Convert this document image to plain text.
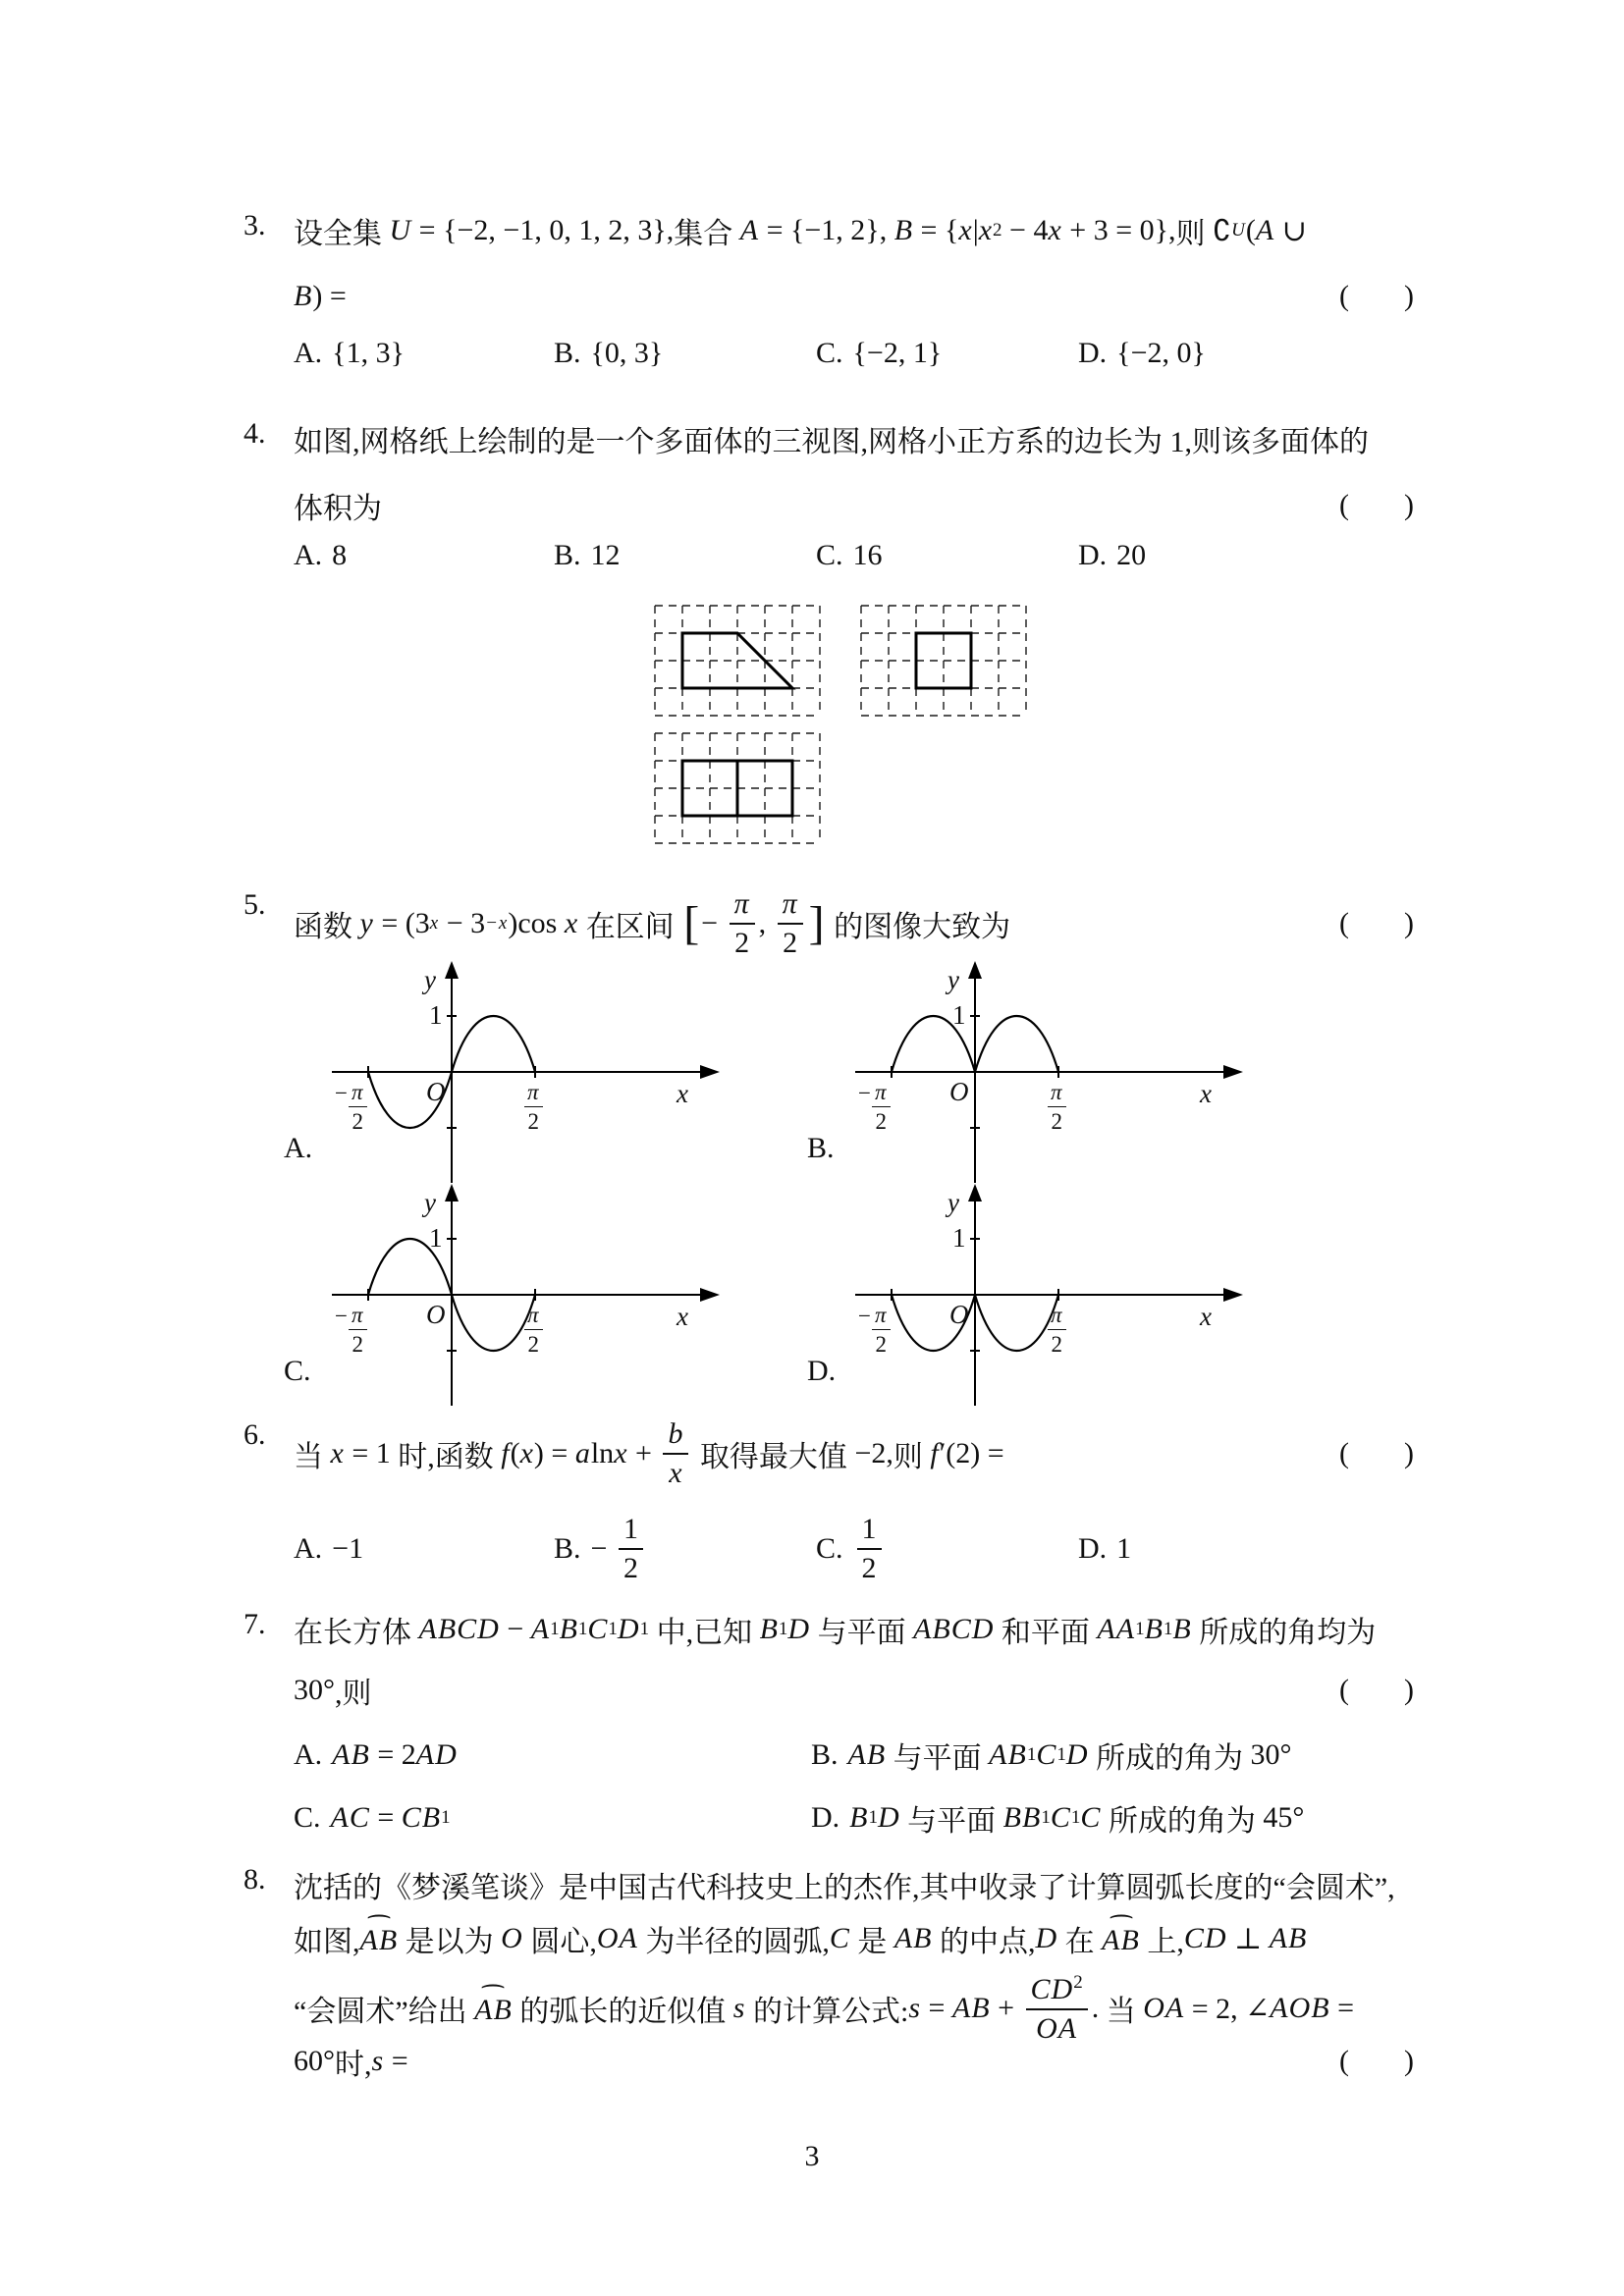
3. 设全集 U = {−2, −1, 0, 1, 2, 3}, 集合 A = {−1, 2}, B = { x | x 2 − 4 x + 3 = 0}, 则 ∁ U ( A ∪
B ) =	( )
A. {1, 3}	B. {0, 3}	C. {−2, 1}	D. {−2, 0}
4. 如图,网格纸上绘制的是一个多面体的三视图,网格小正方系的边长为 1,则该多面体的
体积为	( )
A. 8	B. 12	C. 16	D. 20
5.
函数 y = (3 x − 3 −x )cos x 在区间 [ − $\frac{\pi}{2}$ , $\frac{\pi}{2}$ ] 的图像大致为	( )
y
1
O	x
− $\frac{\pi}{2}$	$\frac{\pi}{2}$
A.
y
1
O	x
− $\frac{\pi}{2}$	$\frac{\pi}{2}$
B.
y
1
O	x
− $\frac{\pi}{2}$	$\frac{\pi}{2}$
C.
y
1
O	x
− $\frac{\pi}{2}$	$\frac{\pi}{2}$
D.
6.
当 x = 1 时,函数 f ( x ) = a $\ln x + \frac{b}{x}$ 取得最大值 −2, 则 f ′(2) =	( )
A. −1	B. − $\frac{1}{2}$	C. $\frac{1}{2}$	D. 1
7. 在长方体 ABCD − A 1 B 1 C 1 D 1 中,已知 B 1 D 与平面 ABCD 和平面 AA 1 B 1 B 所成的角均为
30° ,则	( )
A. AB = 2 AD	B. AB 与平面 AB 1 C 1 D 所成的角为 30°
C. AC = CB 1	D. B 1 D 与平面 BB 1 C 1 C 所成的角为 45°
8. 沈括的《梦溪笔谈》是中国古代科技史上的杰作,其中收录了计算圆弧长度的“会圆术”,
如图,
⌢
AB 是以为 O 圆心, OA 为半径的圆弧, C 是 AB 的中点, D 在
⌢
AB 上, CD ⊥ AB
“会圆术”给出
⌢
AB 的弧长的近似值 s 的计算公式: s = AB + $\frac{CD^2}{OA}$ . 当 OA = 2, ∠ AOB =
60° 时, s =	( )
3
